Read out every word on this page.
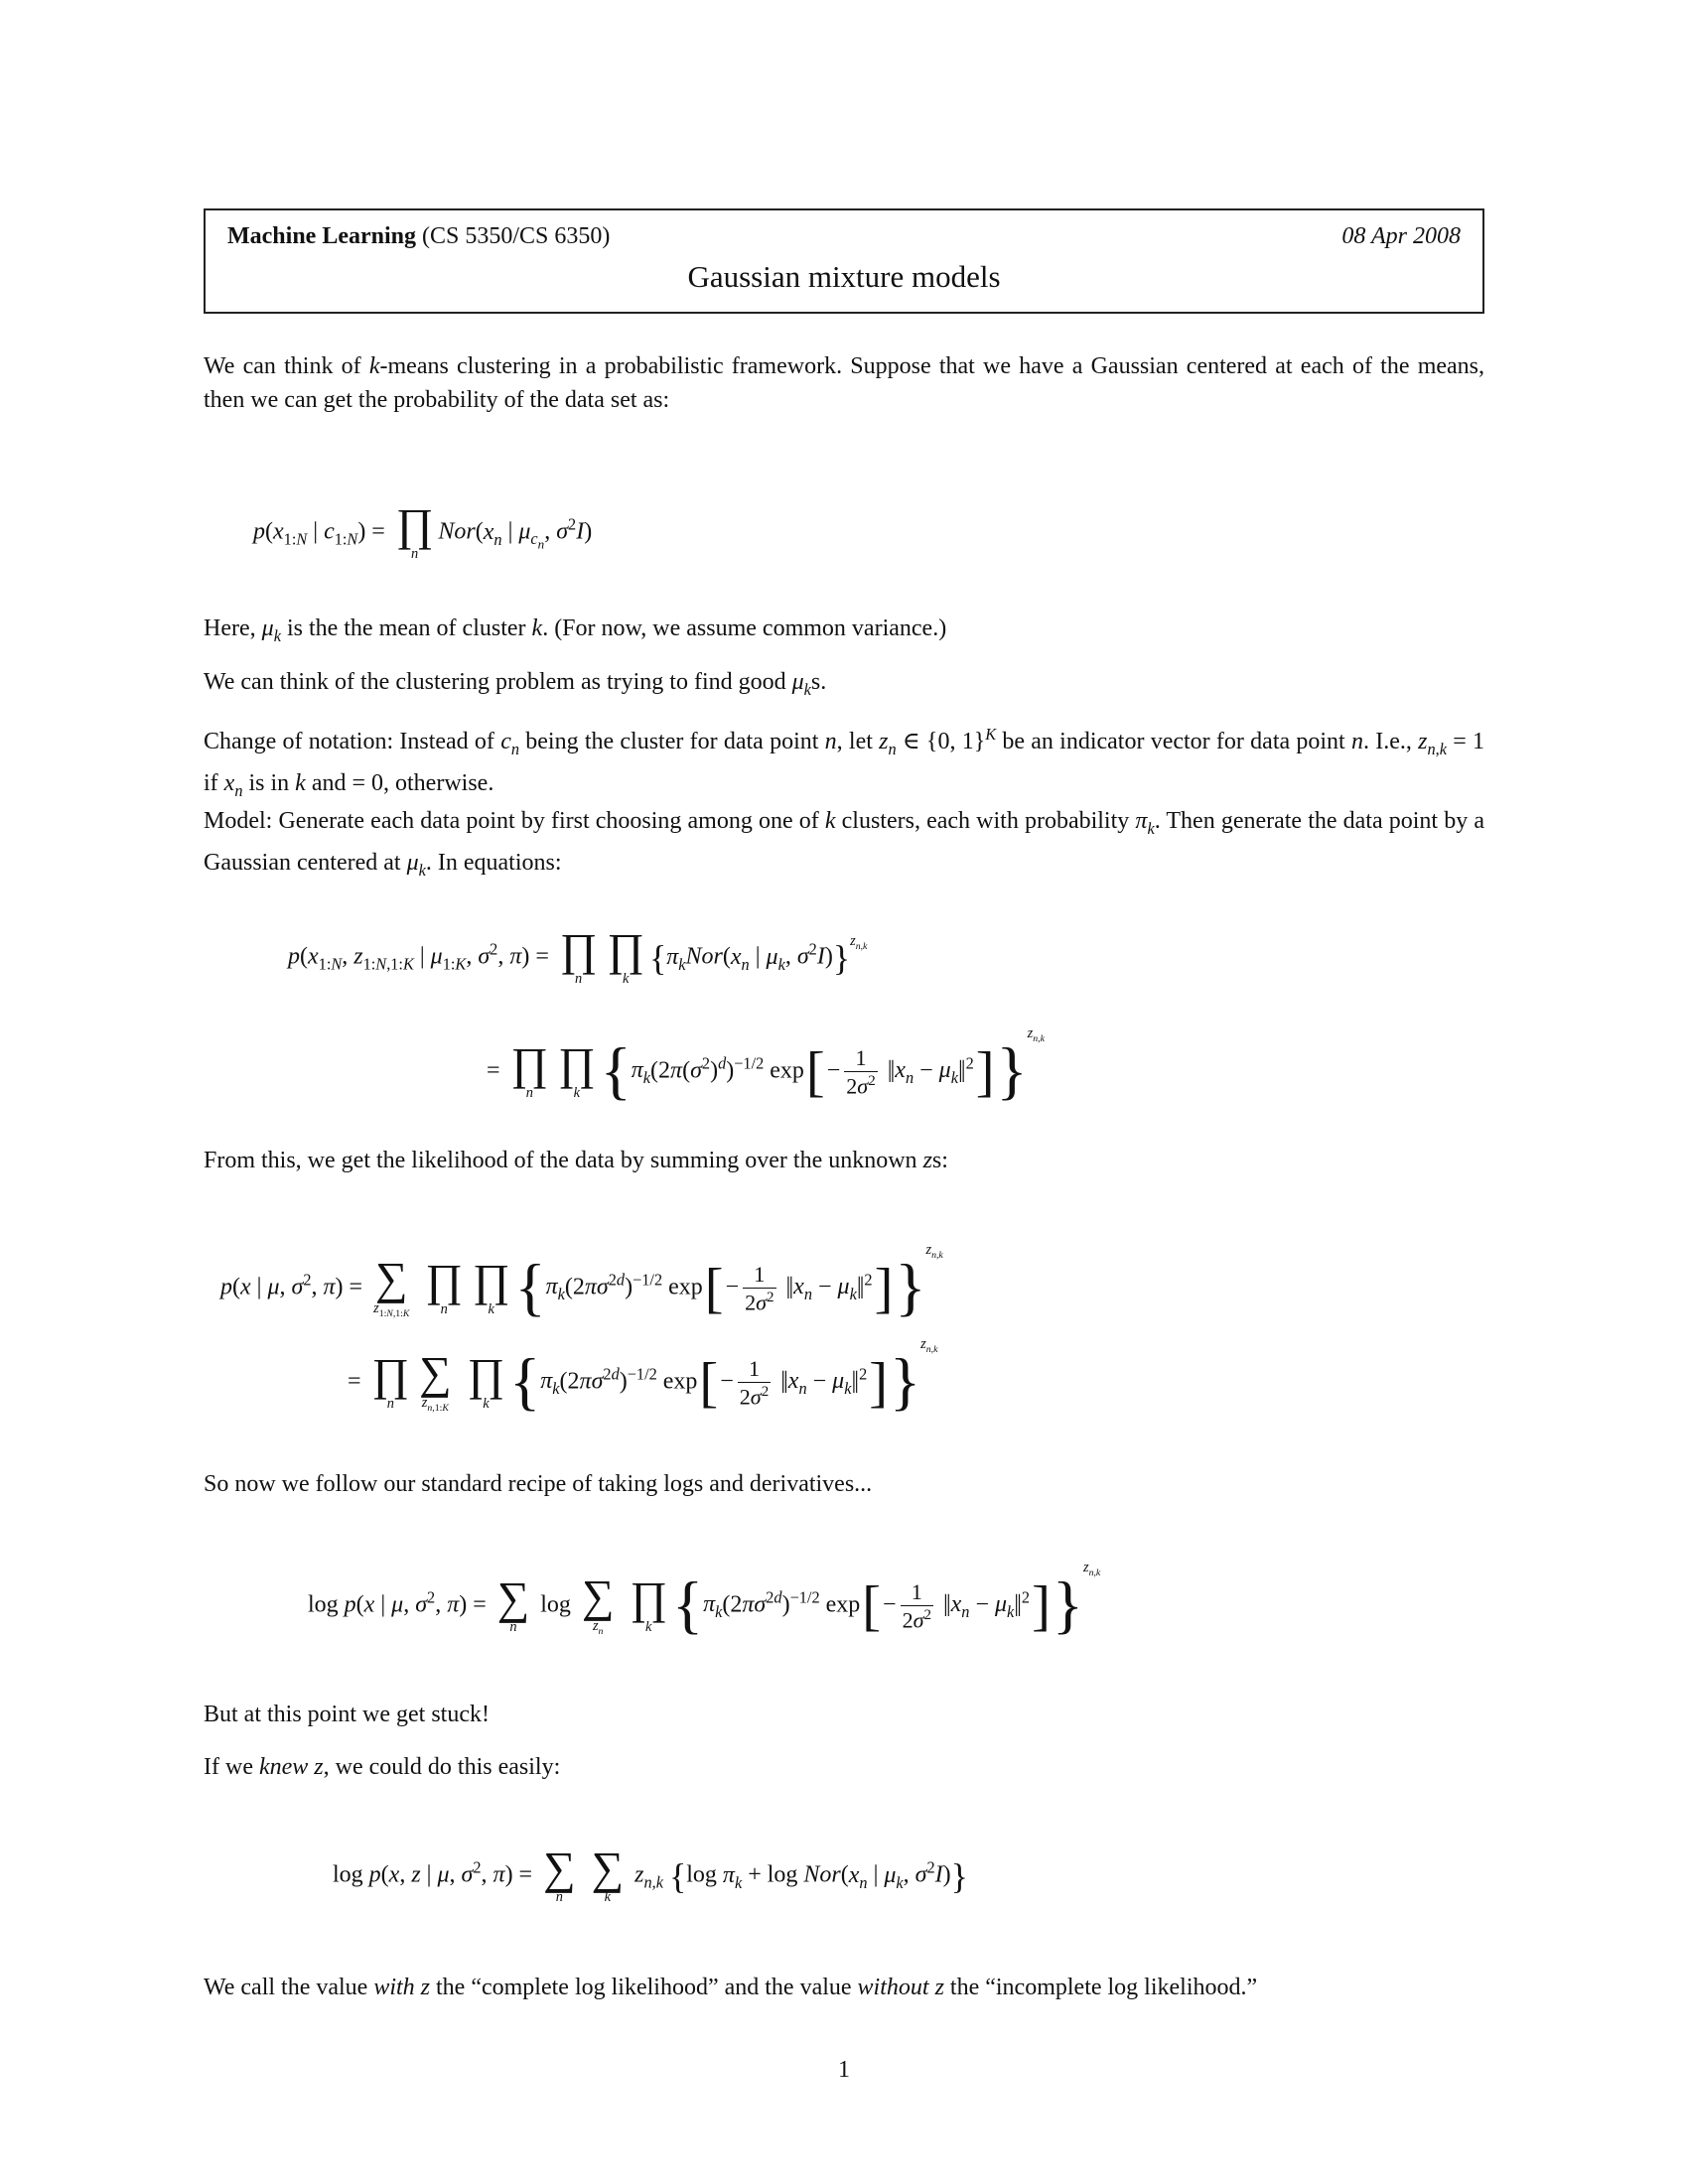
Machine Learning (CS 5350/CS 6350)	08 Apr 2008
Gaussian mixture models

We can think of k-means clustering in a probabilistic framework. Suppose that we have a Gaussian centered at each of the means, then we can get the probability of the data set as:

$p(x_{1:N}$ | $c_{1:N}$) = ∏
n
$Nor(x_n$ | $\mu_{c_n}$, $\sigma^2I$)

Here, $\mu_k$ is the the mean of cluster k. (For now, we assume common variance.)

We can think of the clustering problem as trying to find good $\mu_ks$.

Change of notation: Instead of $c_n$ being the cluster for data point n, let $z_n$ ∈ {0, 1}$^K$ be an indicator vector for data point n. I.e., $z_{n,k} = 1$ if $x_n$ is in k and = 0, otherwise.

Model: Generate each data point by first choosing among one of k clusters, each with probability $\pi_k$. Then generate the data point by a Gaussian centered at $\mu_k$. In equations:

$p(x_{1:N}$, $z_{1:N,1:K}$ | $\mu_{1:K}$, $\sigma^2$, π) = ∏
n
∏
k
{$\pi_kNor(x_n$ | $\mu_k$, $\sigma^2I)\}^{z_{n,k}}$
= ∏
n
∏
k {$\pi_k(2\pi(\sigma^2)^d)^{-1/2}$ $\exp[- \frac{1}{2\sigma^2} ||x_n - \mu_k||$ $^2$]}$^{z_{n,k}}$

From this, we get the likelihood of the data by summing over the unknown zs:

p(x | μ, $\sigma^2$, π) = ∑
$z_{1:N,1:K}$

∏
n
∏
k {$\pi_k(2\pi\sigma^{2d})^{-1/2}$ $\exp[- \frac{1}{2\sigma^2} ||x_n - \mu_k||$ $^2$]}$^{z_{n,k}}$
= ∏
n
∑
$z_{n,1:K}$

∏
k {$\pi_k(2\pi\sigma^{2d})^{-1/2}$ $\exp[- \frac{1}{2\sigma^2} ||x_n - \mu_k||$ $^2$]}$^{z_{n,k}}$

So now we follow our standard recipe of taking logs and derivatives...

log p(x | μ, $\sigma^2$, π) = ∑
n
log ∑
$z_n$

∏
k {$\pi_k(2\pi\sigma^{2d})^{-1/2}$ $\exp[- \frac{1}{2\sigma^2} ||x_n - \mu_k||$ $^2$]}$^{z_{n,k}}$

But at this point we get stuck!

If we knew z, we could do this easily:

log p(x, z | μ, $\sigma^2$, π) = ∑
n

∑
k
$z_{n,k}$ {log $\pi_k + \log Nor(x_n$ | $\mu_k$, $\sigma^2I$)}

We call the value with z the “complete log likelihood” and the value without z the “incomplete log likelihood.”

1
